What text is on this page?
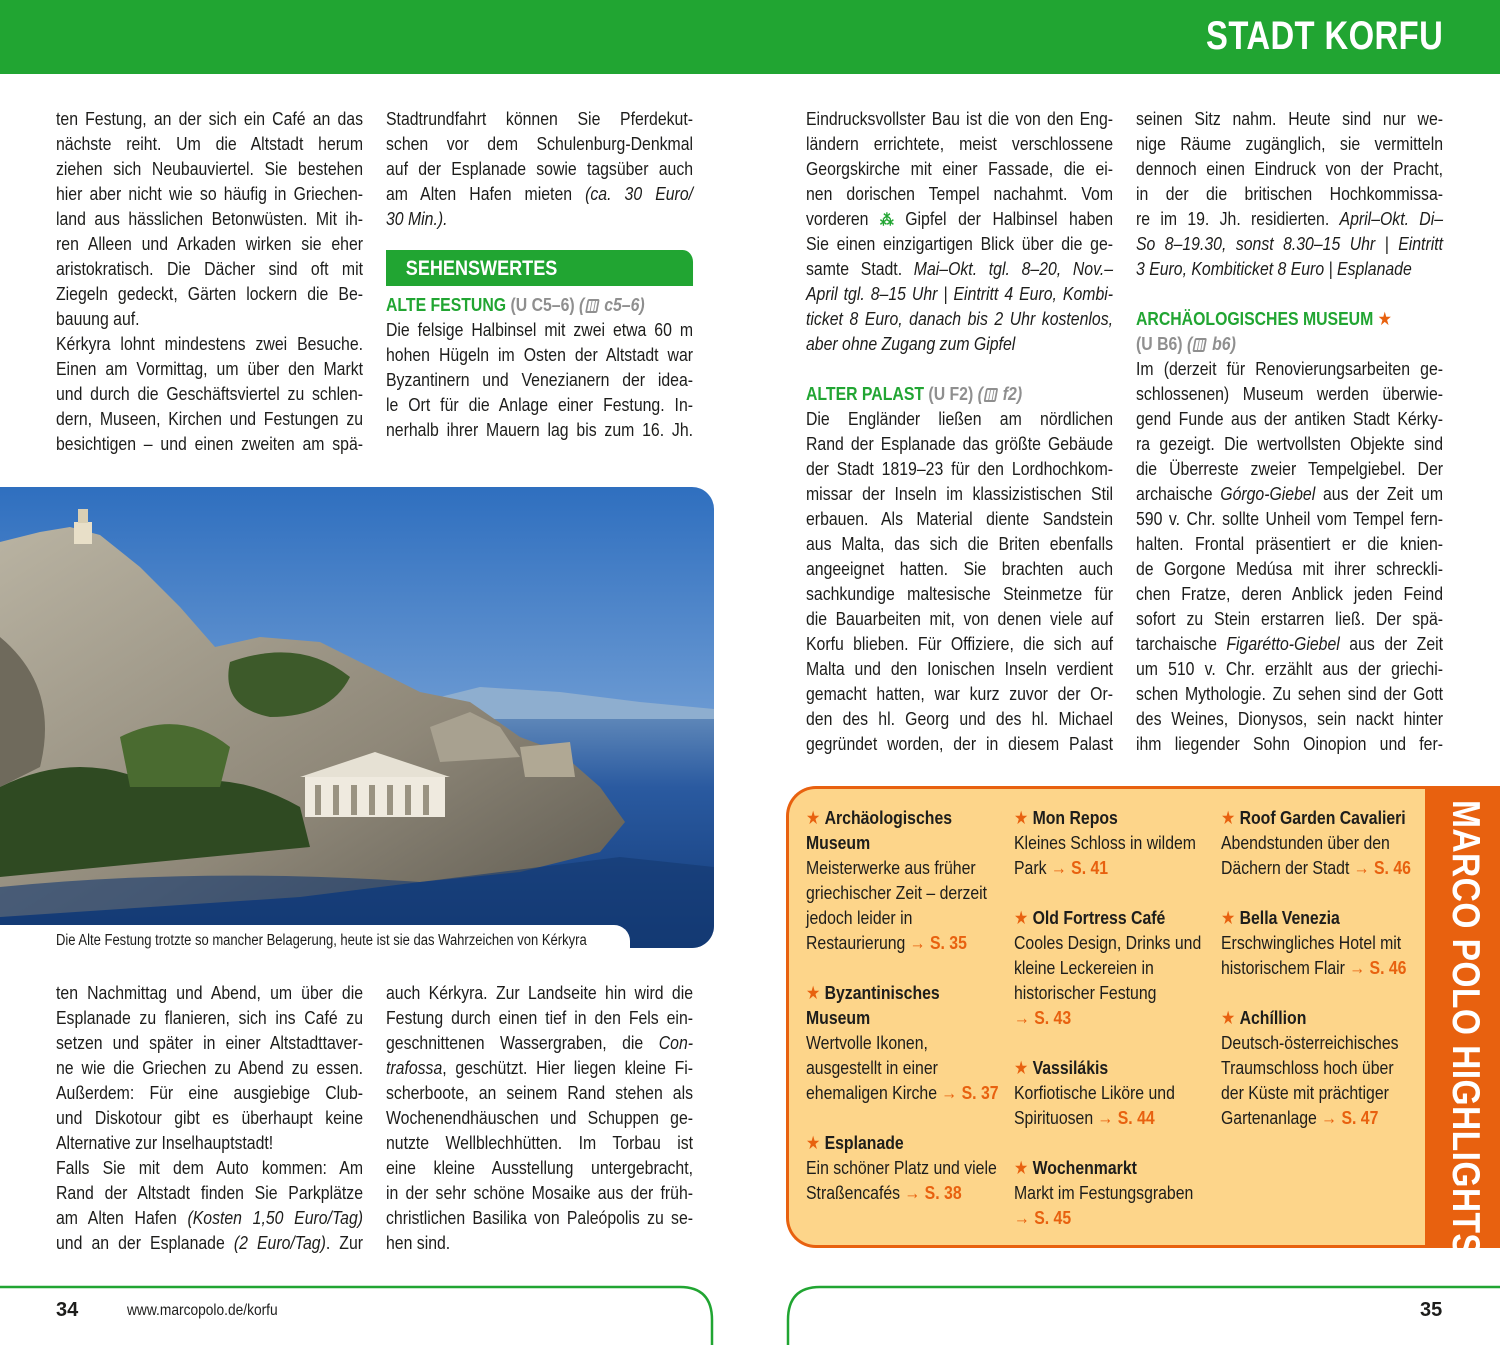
STADT KORFU
ten Festung, an der sich ein Café an das
nächste reiht. Um die Altstadt herum
ziehen sich Neubauviertel. Sie bestehen
hier aber nicht wie so häufig in Griechen-
land aus hässlichen Betonwüsten. Mit ih-
ren Alleen und Arkaden wirken sie eher
aristokratisch. Die Dächer sind oft mit
Ziegeln gedeckt, Gärten lockern die Be-
bauung auf.
Kérkyra lohnt mindestens zwei Besuche.
Einen am Vormittag, um über den Markt
und durch die Geschäftsviertel zu schlen-
dern, Museen, Kirchen und Festungen zu
besichtigen – und einen zweiten am spä-
Stadtrundfahrt können Sie Pferdekut-
schen vor dem Schulenburg-Denkmal
auf der Esplanade sowie tagsüber auch
am Alten Hafen mieten (ca. 30 Euro/
30 Min.).
SEHENSWERTES
ALTE FESTUNG (U C5–6) ( c5–6)
Die felsige Halbinsel mit zwei etwa 60 m
hohen Hügeln im Osten der Altstadt war
Byzantinern und Venezianern der idea-
le Ort für die Anlage einer Festung. In-
nerhalb ihrer Mauern lag bis zum 16. Jh.
Eindrucksvollster Bau ist die von den Eng-
ländern errichtete, meist verschlossene
Georgskirche mit einer Fassade, die ei-
nen dorischen Tempel nachahmt. Vom
vorderen ⁂ Gipfel der Halbinsel haben
Sie einen einzigartigen Blick über die ge-
samte Stadt. Mai–Okt. tgl. 8–20, Nov.–
April tgl. 8–15 Uhr | Eintritt 4 Euro, Kombi-
ticket 8 Euro, danach bis 2 Uhr kostenlos,
aber ohne Zugang zum Gipfel
ALTER PALAST (U F2) ( f2)
Die Engländer ließen am nördlichen
Rand der Esplanade das größte Gebäude
der Stadt 1819–23 für den Lordhochkom-
missar der Inseln im klassizistischen Stil
erbauen. Als Material diente Sandstein
aus Malta, das sich die Briten ebenfalls
angeeignet hatten. Sie brachten auch
sachkundige maltesische Steinmetze für
die Bauarbeiten mit, von denen viele auf
Korfu blieben. Für Offiziere, die sich auf
Malta und den Ionischen Inseln verdient
gemacht hatten, war kurz zuvor der Or-
den des hl. Georg und des hl. Michael
gegründet worden, der in diesem Palast
seinen Sitz nahm. Heute sind nur we-
nige Räume zugänglich, sie vermitteln
dennoch einen Eindruck von der Pracht,
in der die britischen Hochkommissa-
re im 19. Jh. residierten. April–Okt. Di–
So 8–19.30, sonst 8.30–15 Uhr | Eintritt
3 Euro, Kombiticket 8 Euro | Esplanade
ARCHÄOLOGISCHES MUSEUM ★
(U B6) ( b6)
Im (derzeit für Renovierungsarbeiten ge-
schlossenen) Museum werden überwie-
gend Funde aus der antiken Stadt Kérky-
ra gezeigt. Die wertvollsten Objekte sind
die Überreste zweier Tempelgiebel. Der
archaische Górgo-Giebel aus der Zeit um
590 v. Chr. sollte Unheil vom Tempel fern-
halten. Frontal präsentiert er die knien-
de Gorgone Medúsa mit ihrer schreckli-
chen Fratze, deren Anblick jeden Feind
sofort zu Stein erstarren ließ. Der spä-
tarchaische Figarétto-Giebel aus der Zeit
um 510 v. Chr. erzählt aus der griechi-
schen Mythologie. Zu sehen sind der Gott
des Weines, Dionysos, sein nackt hinter
ihm liegender Sohn Oinopion und fer-
ten Nachmittag und Abend, um über die
Esplanade zu flanieren, sich ins Café zu
setzen und später in einer Altstadttaver-
ne wie die Griechen zu Abend zu essen.
Außerdem: Für eine ausgiebige Club-
und Diskotour gibt es überhaupt keine
Alternative zur Inselhauptstadt!
Falls Sie mit dem Auto kommen: Am
Rand der Altstadt finden Sie Parkplätze
am Alten Hafen (Kosten 1,50 Euro/Tag)
und an der Esplanade (2 Euro/Tag). Zur
auch Kérkyra. Zur Landseite hin wird die
Festung durch einen tief in den Fels ein-
geschnittenen Wassergraben, die Con-
trafossa, geschützt. Hier liegen kleine Fi-
scherboote, an seinem Rand stehen als
Wochenendhäuschen und Schuppen ge-
nutzte Wellblechhütten. Im Torbau ist
eine kleine Ausstellung untergebracht,
in der sehr schöne Mosaike aus der früh-
christlichen Basilika von Paleópolis zu se-
hen sind.
Die Alte Festung trotzte so mancher Belagerung, heute ist sie das Wahrzeichen von Kérkyra	MARCO POLO HIGHLIGHTS
★ Archäologisches Museum
Meisterwerke aus früher griechischer Zeit – derzeit jedoch leider in Restaurierung → S. 35
★ Byzantinisches Museum
Wertvolle Ikonen, ausgestellt in einer ehemaligen Kirche → S. 37
★ Esplanade
Ein schöner Platz und viele Straßencafés → S. 38
★ Mon Repos
Kleines Schloss in wildem Park → S. 41
★ Old Fortress Café
Cooles Design, Drinks und kleine Leckereien in historischer Festung → S. 43
★ Vassilákis
Korfiotische Liköre und Spirituosen → S. 44
★ Wochenmarkt
Markt im Festungsgraben → S. 45
★ Roof Garden Cavalieri
Abendstunden über den Dächern der Stadt → S. 46
★ Bella Venezia
Erschwingliches Hotel mit historischem Flair → S. 46
★ Achíllion
Deutsch-österreichisches Traumschloss hoch über der Küste mit prächtiger Gartenanlage → S. 47
34	www.marcopolo.de/korfu	35
